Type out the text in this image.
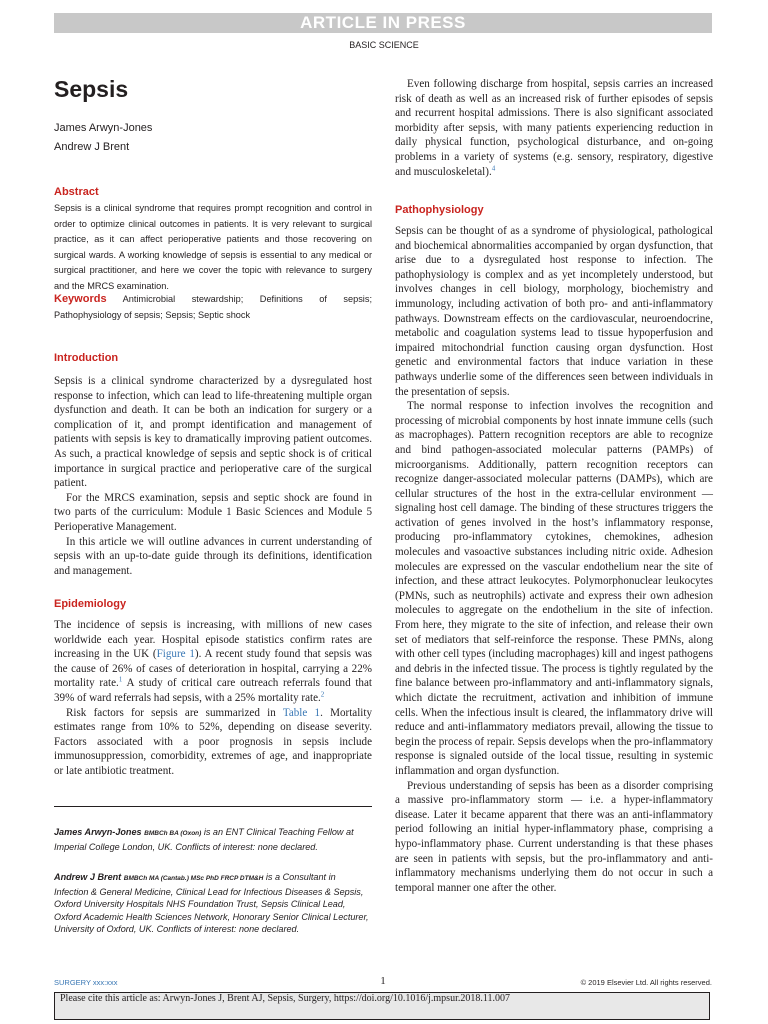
ARTICLE IN PRESS
BASIC SCIENCE
Sepsis
James Arwyn-Jones
Andrew J Brent
Abstract
Sepsis is a clinical syndrome that requires prompt recognition and control in order to optimize clinical outcomes in patients. It is very relevant to surgical practice, as it can affect perioperative patients and those recovering on surgical wards. A working knowledge of sepsis is essential to any medical or surgical practitioner, and here we cover the topic with relevance to surgery and the MRCS examination.
Keywords Antimicrobial stewardship; Definitions of sepsis; Pathophysiology of sepsis; Sepsis; Septic shock
Introduction

Sepsis is a clinical syndrome characterized by a dysregulated host response to infection, which can lead to life-threatening multiple organ dysfunction and death. It can be both an indication for surgery or a complication of it, and prompt identification and management of patients with sepsis is key to dramatically improving patient outcomes. As such, a practical knowledge of sepsis and septic shock is of critical importance in surgical practice and perioperative care of the surgical patient.

For the MRCS examination, sepsis and septic shock are found in two parts of the curriculum: Module 1 Basic Sciences and Module 5 Perioperative Management.

In this article we will outline advances in current understanding of sepsis with an up-to-date guide through its definitions, identification and management.

Epidemiology

The incidence of sepsis is increasing, with millions of new cases worldwide each year. Hospital episode statistics confirm rates are increasing in the UK (Figure 1). A recent study found that sepsis was the cause of 26% of cases of deterioration in hospital, carrying a 22% mortality rate.$^1$ A study of critical care outreach referrals found that 39% of ward referrals had sepsis, with a 25% mortality rate.$^2$

Risk factors for sepsis are summarized in Table 1. Mortality estimates range from 10% to 52%, depending on disease severity. Factors associated with a poor prognosis in sepsis include immunosuppression, comorbidity, extremes of age, and inappropriate or late antibiotic treatment.

James Arwyn-Jones BMBCh BA (Oxon) is an ENT Clinical Teaching Fellow at Imperial College London, UK. Conflicts of interest: none declared.
Andrew J Brent BMBCh MA (Cantab.) MSc PhD FRCP DTM&H is a Consultant in Infection & General Medicine, Clinical Lead for Infectious Diseases & Sepsis, Oxford University Hospitals NHS Foundation Trust, Sepsis Clinical Lead, Oxford Academic Health Sciences Network, Honorary Senior Clinical Lecturer, University of Oxford, UK. Conflicts of interest: none declared.

Even following discharge from hospital, sepsis carries an increased risk of death as well as an increased risk of further episodes of sepsis and recurrent hospital admissions. There is also significant associated morbidity after sepsis, with many patients experiencing reduction in daily physical function, psychological disturbance, and on-going problems in a variety of systems (e.g. sensory, respiratory, digestive and musculoskeletal).$^4$

Pathophysiology

Sepsis can be thought of as a syndrome of physiological, pathological and biochemical abnormalities accompanied by organ dysfunction, that arise due to a dysregulated host response to infection. The pathophysiology is complex and as yet incompletely understood, but involves changes in cell biology, morphology, biochemistry and immunology, including activation of both pro- and anti-inflammatory pathways. Downstream effects on the cardiovascular, neuroendocrine, metabolic and coagulation systems lead to tissue hypoperfusion and impaired mitochondrial function causing organ dysfunction. Host genetic and environmental factors that induce variation in these pathways underlie some of the differences seen between individuals in the presentation of sepsis.

The normal response to infection involves the recognition and processing of microbial components by host innate immune cells (such as macrophages). Pattern recognition receptors are able to recognize and bind pathogen-associated molecular patterns (PAMPs) of microorganisms. Additionally, pattern recognition receptors can recognize danger-associated molecular patterns (DAMPs), which are cellular structures of the host in the extra-cellular environment — signaling host cell damage. The binding of these structures triggers the activation of genes involved in the host’s inflammatory response, producing pro-inflammatory cytokines, chemokines, adhesion molecules and vasoactive substances including nitric oxide. Adhesion molecules are expressed on the vascular endothelium near the site of infection, and these attract leukocytes. Polymorphonuclear leukocytes (PMNs, such as neutrophils) activate and express their own adhesion molecules to aggregate on the endothelium in the site of infection. From here, they migrate to the site of infection, and release their own set of mediators that self-reinforce the response. These PMNs, along with other cell types (including macrophages) kill and ingest pathogens and debris in the infected tissue. The process is tightly regulated by the fine balance between pro-inflammatory and anti-inflammatory signals, which dictate the recruitment, activation and inhibition of immune cells. When the infectious insult is cleared, the inflammatory drive will reduce and anti-inflammatory mediators prevail, allowing the tissue to begin the process of repair. Sepsis develops when the pro-inflammatory response is signaled outside of the local tissue, resulting in systemic inflammation and organ dysfunction.

Previous understanding of sepsis has been as a disorder comprising a massive pro-inflammatory storm — i.e. a hyper-inflammatory disease. Later it became apparent that there was an anti-inflammatory period following an initial hyper-inflammatory phase, comprising a hypo-inflammatory phase. Current understanding is that these phases are seen in patients with sepsis, but the pro-inflammatory and anti-inflammatory mechanisms underlying them do not occur in such a temporal manner one after the other.

SURGERY xxx:xxx	1	© 2019 Elsevier Ltd. All rights reserved.
Please cite this article as: Arwyn-Jones J, Brent AJ, Sepsis, Surgery, https://doi.org/10.1016/j.mpsur.2018.11.007
